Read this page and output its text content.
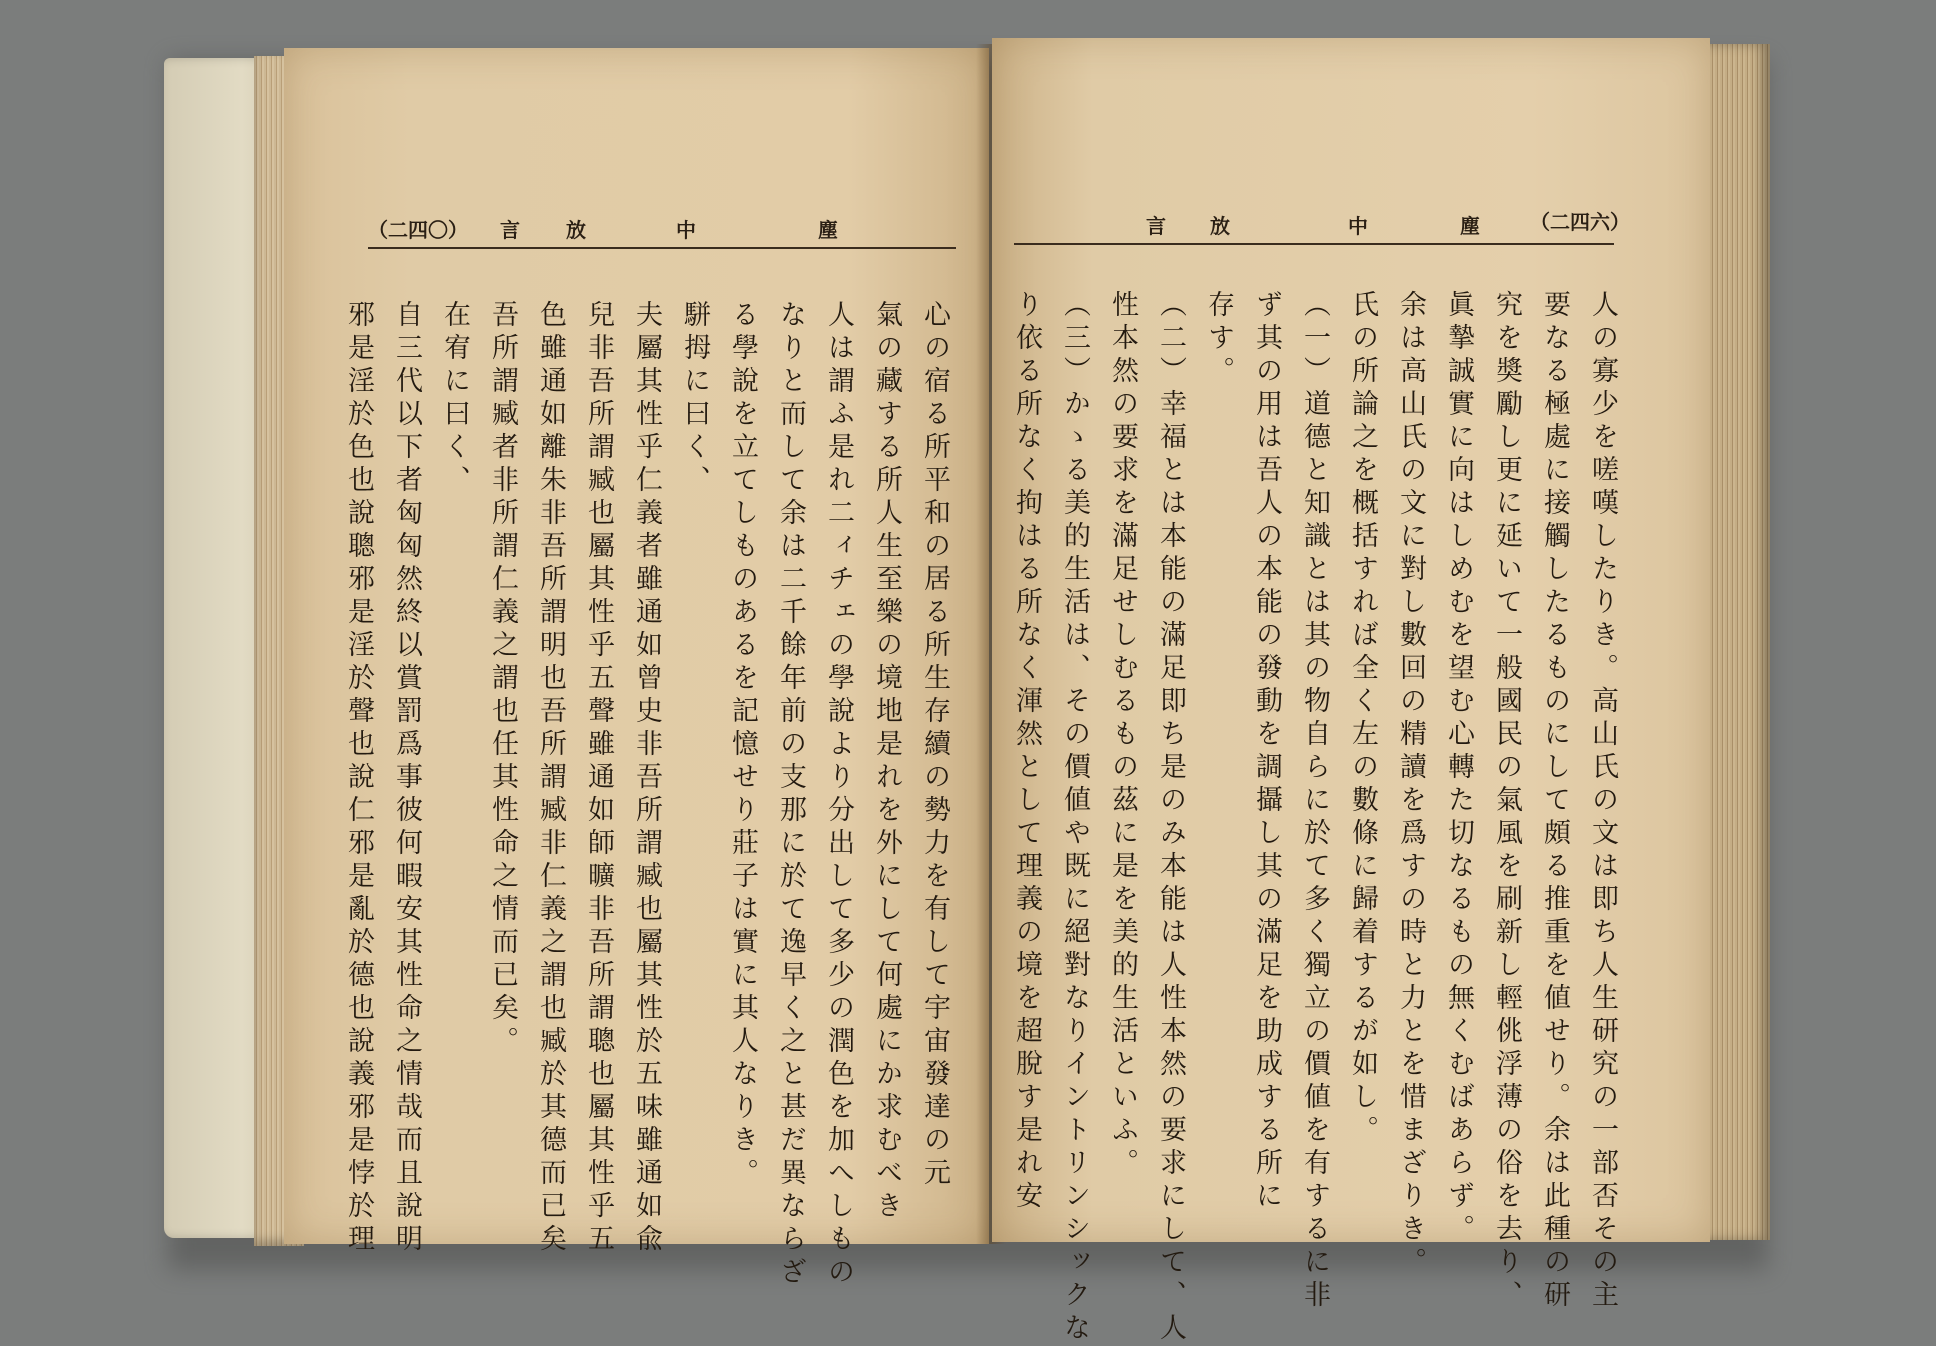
（二四〇）	塵
中
放
言
心の宿る所平和の居る所生存續の勢力を有して宇宙發達の元
氣の藏する所人生至樂の境地是れを外にして何處にか求むべき
人は謂ふ是れ二ィチェの學說より分出して多少の潤色を加へしもの
なりと而して余は二千餘年前の支那に於て逸早く之と甚だ異ならざ
る學說を立てしものあるを記憶せり莊子は實に其人なりき。
駢拇に曰く、
夫屬其性乎仁義者雖通如曾史非吾所謂臧也屬其性於五味雖通如兪
兒非吾所謂臧也屬其性乎五聲雖通如師曠非吾所謂聰也屬其性乎五
色雖通如離朱非吾所謂明也吾所謂臧非仁義之謂也臧於其德而已矣
吾所謂臧者非所謂仁義之謂也任其性命之情而已矣。
在宥に曰く、
自三代以下者匈匈然終以賞罰爲事彼何暇安其性命之情哉而且說明
邪是淫於色也說聰邪是淫於聲也說仁邪是亂於德也說義邪是悖於理
（二四六）
塵
中
放
言
人の寡少を嗟嘆したりき。高山氏の文は即ち人生研究の一部否その主
要なる極處に接觸したるものにして頗る推重を値せり。余は此種の研
究を奬勵し更に延いて一般國民の氣風を刷新し輕佻浮薄の俗を去り、
眞摯誠實に向はしめむを望む心轉た切なるもの無くむばあらず。
余は高山氏の文に對し數回の精讀を爲すの時と力とを惜まざりき。
氏の所論之を概括すれば全く左の數條に歸着するが如し。
（一）道德と知識とは其の物自らに於て多く獨立の價値を有するに非
ず其の用は吾人の本能の發動を調攝し其の滿足を助成する所に
存す。
（二）幸福とは本能の滿足即ち是のみ本能は人性本然の要求にして、人
性本然の要求を滿足せしむるもの茲に是を美的生活といふ。
（三）かゝる美的生活は、その價値や既に絕對なりイントリンシックな
り依る所なく拘はる所なく渾然として理義の境を超脫す是れ安
